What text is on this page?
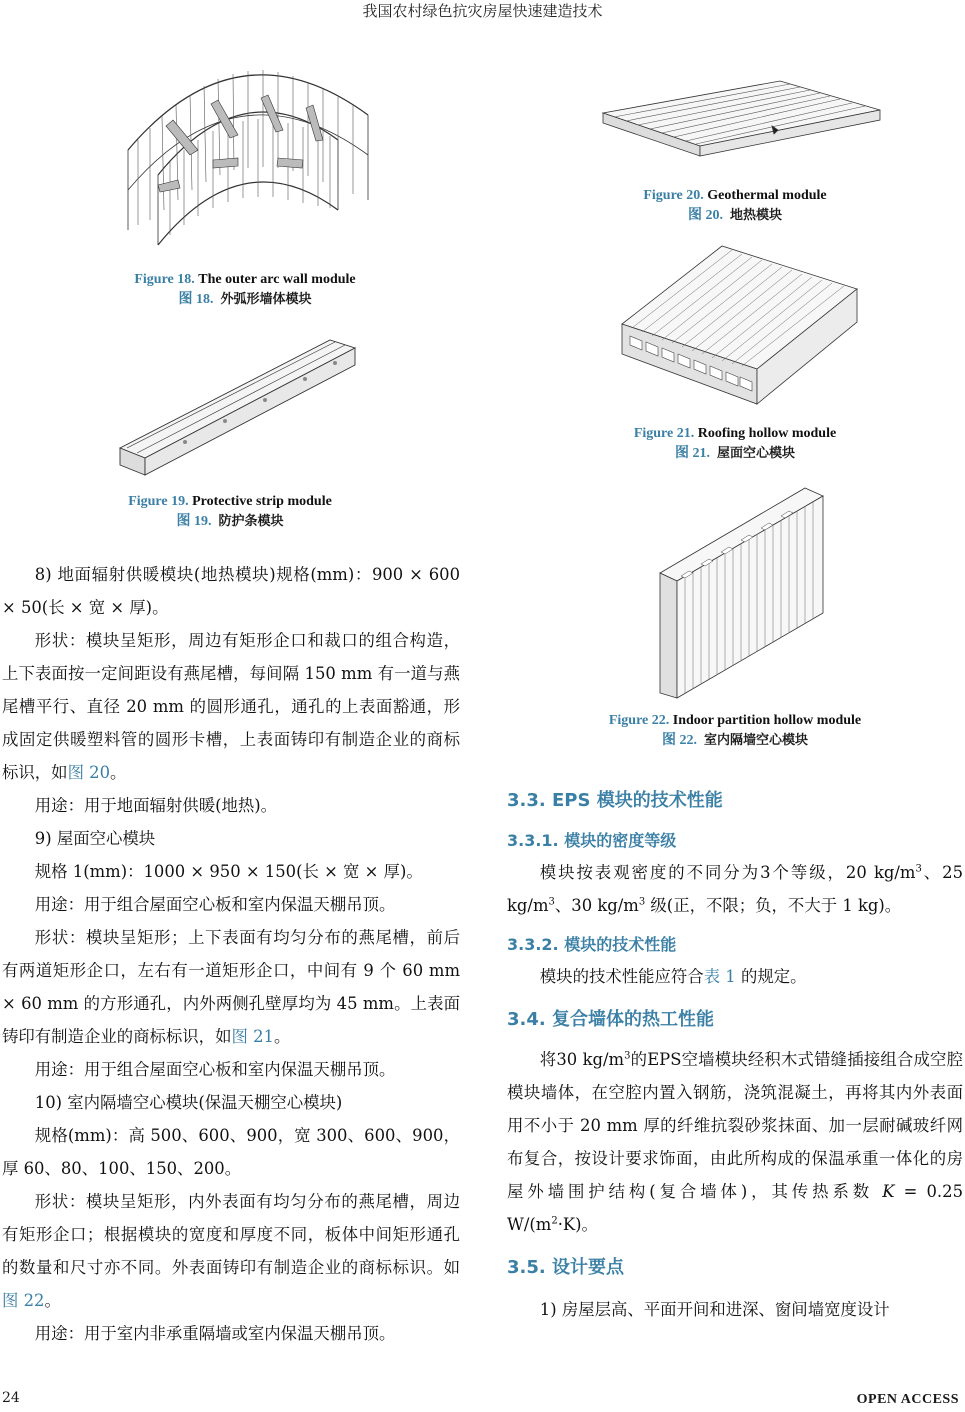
我国农村绿色抗灾房屋快速建造技术
Figure 18. The outer arc wall module
图 18. 外弧形墙体模块
Figure 19. Protective strip module
图 19. 防护条模块
Figure 20. Geothermal module
图 20. 地热模块
Figure 21. Roofing hollow module
图 21. 屋面空心模块
Figure 22. Indoor partition hollow module
图 22. 室内隔墙空心模块

8) 地面辐射供暖模块(地热模块)规格(mm)：900 × 600 × 50(长 × 宽 × 厚)。

形状：模块呈矩形，周边有矩形企口和裁口的组合构造，上下表面按一定间距设有燕尾槽，每间隔 150 mm 有一道与燕尾槽平行、直径 20 mm 的圆形通孔，通孔的上表面豁通，形成固定供暖塑料管的圆形卡槽，上表面铸印有制造企业的商标标识，如图 20。

用途：用于地面辐射供暖(地热)。

9) 屋面空心模块

规格 1(mm)：1000 × 950 × 150(长 × 宽 × 厚)。

用途：用于组合屋面空心板和室内保温天棚吊顶。

形状：模块呈矩形；上下表面有均匀分布的燕尾槽，前后有两道矩形企口，左右有一道矩形企口，中间有 9 个 60 mm × 60 mm 的方形通孔，内外两侧孔壁厚均为 45 mm。上表面铸印有制造企业的商标标识，如图 21。

用途：用于组合屋面空心板和室内保温天棚吊顶。

10) 室内隔墙空心模块(保温天棚空心模块)

规格(mm)：高 500、600、900，宽 300、600、900，厚 60、80、100、150、200。

形状：模块呈矩形，内外表面有均匀分布的燕尾槽，周边有矩形企口；根据模块的宽度和厚度不同，板体中间矩形通孔的数量和尺寸亦不同。外表面铸印有制造企业的商标标识。如图 22。

用途：用于室内非承重隔墙或室内保温天棚吊顶。

3.3. EPS 模块的技术性能

3.3.1. 模块的密度等级

模块按表观密度的不同分为3个等级，20 $kg/m^3$、25 $kg/m^3$、30 $kg/m^3$ 级(正，不限；负，不大于 1 kg)。

3.3.2. 模块的技术性能

模块的技术性能应符合表 1 的规定。

3.4. 复合墙体的热工性能

将30 $kg/m^3$的EPS空墙模块经积木式错缝插接组合成空腔模块墙体，在空腔内置入钢筋，浇筑混凝土，再将其内外表面用不小于 20 mm 厚的纤维抗裂砂浆抹面、加一层耐碱玻纤网布复合，按设计要求饰面，由此所构成的保温承重一体化的房屋外墙围护结构(复合墙体)，其传热系数 K = 0.25 $W/(m^2\cdot K)$。

3.5. 设计要点

1) 房屋层高、平面开间和进深、窗间墙宽度设计

24	OPEN ACCESS
